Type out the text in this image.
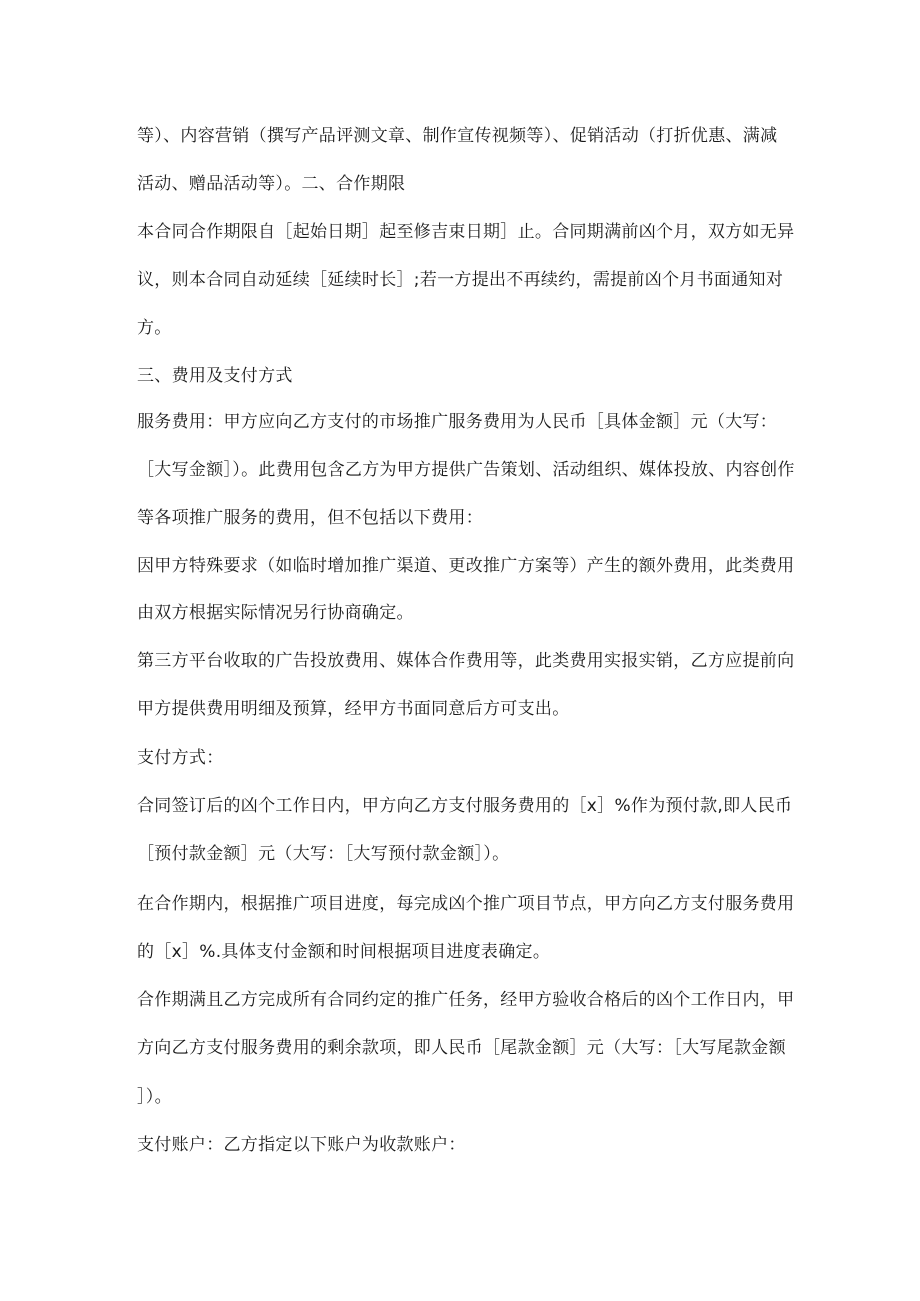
等）、内容营销（撰写产品评测文章、制作宣传视频等）、促销活动（打折优惠、满减
活动、赠品活动等）。二、合作期限
本合同合作期限自［起始日期］起至修吉束日期］止。合同期满前凶个月，双方如无异
议，则本合同自动延续［延续时长］;若一方提出不再续约，需提前凶个月书面通知对
方。
三、费用及支付方式
服务费用：甲方应向乙方支付的市场推广服务费用为人民币［具体金额］元（大写：
［大写金额］）。此费用包含乙方为甲方提供广告策划、活动组织、媒体投放、内容创作
等各项推广服务的费用，但不包括以下费用：
因甲方特殊要求（如临时增加推广渠道、更改推广方案等）产生的额外费用，此类费用
由双方根据实际情况另行协商确定。
第三方平台收取的广告投放费用、媒体合作费用等，此类费用实报实销，乙方应提前向
甲方提供费用明细及预算，经甲方书面同意后方可支出。
支付方式：
合同签订后的凶个工作日内，甲方向乙方支付服务费用的［x］%作为预付款,即人民币
［预付款金额］元（大写：［大写预付款金额］）。
在合作期内，根据推广项目进度，每完成凶个推广项目节点，甲方向乙方支付服务费用
的［x］%.具体支付金额和时间根据项目进度表确定。
合作期满且乙方完成所有合同约定的推广任务，经甲方验收合格后的凶个工作日内，甲
方向乙方支付服务费用的剩余款项，即人民币［尾款金额］元（大写：［大写尾款金额
］）。
支付账户：乙方指定以下账户为收款账户：
